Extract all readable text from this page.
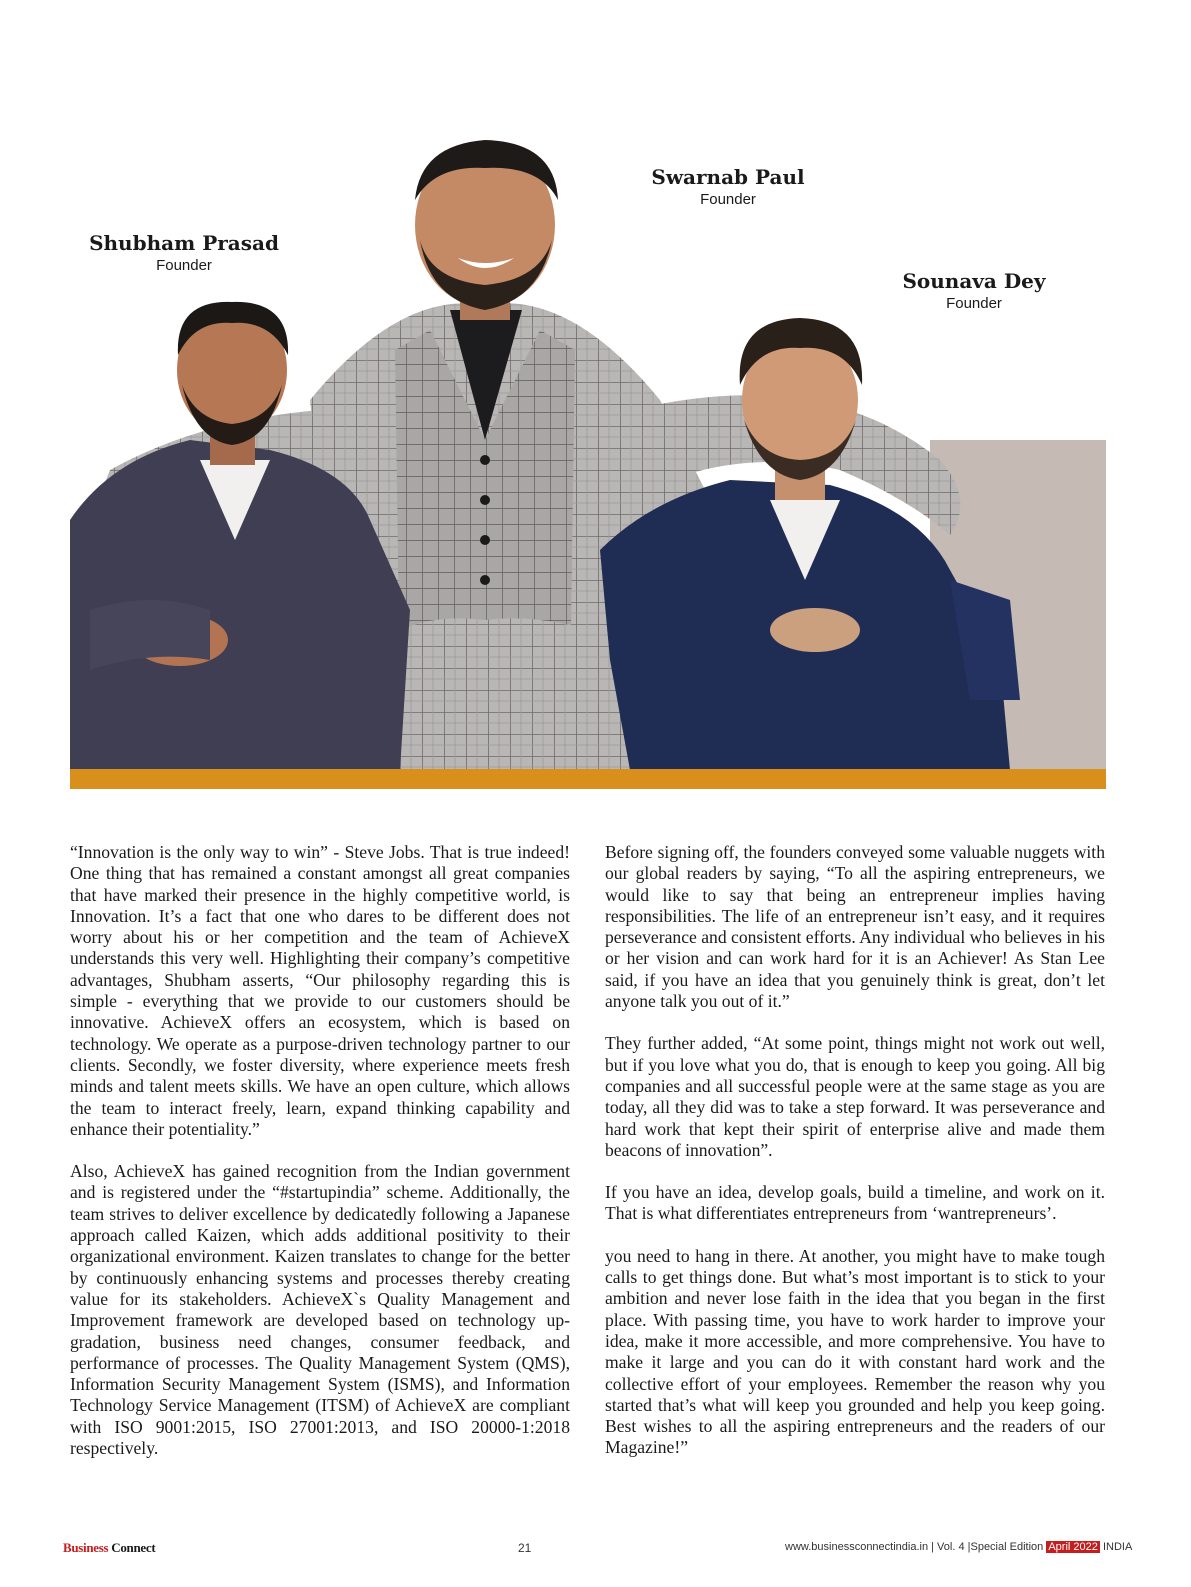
Swarnab Paul
Founder
Shubham Prasad
Founder
Sounava Dey
Founder

“Innovation is the only way to win” - Steve Jobs. That is true indeed! One thing that has remained a constant amongst all great companies that have marked their presence in the highly competitive world, is Innovation. It’s a fact that one who dares to be different does not worry about his or her competition and the team of AchieveX understands this very well. Highlighting their company’s competitive advantages, Shubham asserts, “Our philosophy regarding this is simple - everything that we provide to our customers should be innovative. AchieveX offers an ecosystem, which is based on technology. We operate as a purpose-driven technology partner to our clients. Secondly, we foster diversity, where experience meets fresh minds and talent meets skills. We have an open culture, which allows the team to interact freely, learn, expand thinking capability and enhance their potentiality.”

Also, AchieveX has gained recognition from the Indian government and is registered under the “#startupindia” scheme. Additionally, the team strives to deliver excellence by dedicatedly following a Japanese approach called Kaizen, which adds additional positivity to their organizational environment. Kaizen translates to change for the better by continuously enhancing systems and processes thereby creating value for its stakeholders. AchieveX`s Quality Management and Improvement framework are developed based on technology up-gradation, business need changes, consumer feedback, and performance of processes. The Quality Management System (QMS), Information Security Management System (ISMS), and Information Technology Service Management (ITSM) of AchieveX are compliant with ISO 9001:2015, ISO 27001:2013, and ISO 20000-1:2018 respectively.

Before signing off, the founders conveyed some valuable nuggets with our global readers by saying, “To all the aspiring entrepreneurs, we would like to say that being an entrepreneur implies having responsibilities. The life of an entrepreneur isn’t easy, and it requires perseverance and consistent efforts. Any individual who believes in his or her vision and can work hard for it is an Achiever! As Stan Lee said, if you have an idea that you genuinely think is great, don’t let anyone talk you out of it.”

They further added, “At some point, things might not work out well, but if you love what you do, that is enough to keep you going. All big companies and all successful people were at the same stage as you are today, all they did was to take a step forward. It was perseverance and hard work that kept their spirit of enterprise alive and made them beacons of innovation”.

If you have an idea, develop goals, build a timeline, and work on it. That is what differentiates entrepreneurs from ‘wantrepreneurs’.

you need to hang in there. At another, you might have to make tough calls to get things done. But what’s most important is to stick to your ambition and never lose faith in the idea that you began in the first place. With passing time, you have to work harder to improve your idea, make it more accessible, and more comprehensive. You have to make it large and you can do it with constant hard work and the collective effort of your employees. Remember the reason why you started that’s what will keep you grounded and help you keep going. Best wishes to all the aspiring entrepreneurs and the readers of our Magazine!”

Business Connect	21	www.businessconnectindia.in | Vol. 4 |Special Edition April 2022 INDIA
